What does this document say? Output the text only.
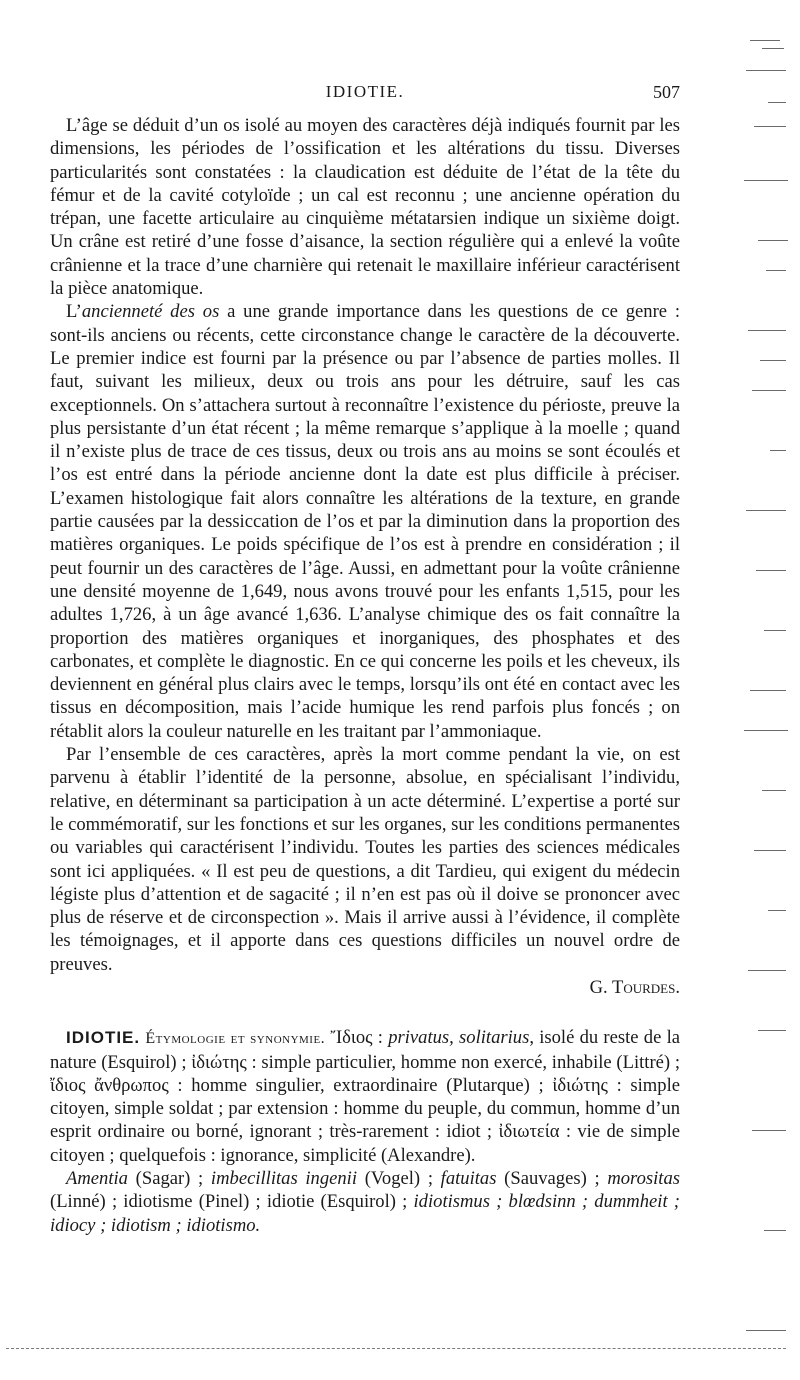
IDIOTIE.	507

L’âge se déduit d’un os isolé au moyen des caractères déjà indiqués fournit par les dimensions, les périodes de l’ossification et les altérations du tissu. Diverses particularités sont constatées : la claudication est déduite de l’état de la tête du fémur et de la cavité cotyloïde ; un cal est reconnu ; une ancienne opération du trépan, une facette articulaire au cinquième métatarsien indique un sixième doigt. Un crâne est retiré d’une fosse d’aisance, la section régulière qui a enlevé la voûte crânienne et la trace d’une charnière qui retenait le maxillaire inférieur caractérisent la pièce anatomique.

L’ancienneté des os a une grande importance dans les questions de ce genre : sont-ils anciens ou récents, cette circonstance change le caractère de la découverte. Le premier indice est fourni par la présence ou par l’absence de parties molles. Il faut, suivant les milieux, deux ou trois ans pour les détruire, sauf les cas exceptionnels. On s’attachera surtout à reconnaître l’existence du périoste, preuve la plus persistante d’un état récent ; la même remarque s’applique à la moelle ; quand il n’existe plus de trace de ces tissus, deux ou trois ans au moins se sont écoulés et l’os est entré dans la période ancienne dont la date est plus difficile à préciser. L’examen histologique fait alors connaître les altérations de la texture, en grande partie causées par la dessiccation de l’os et par la diminution dans la proportion des matières organiques. Le poids spécifique de l’os est à prendre en considération ; il peut fournir un des caractères de l’âge. Aussi, en admettant pour la voûte crânienne une densité moyenne de 1,649, nous avons trouvé pour les enfants 1,515, pour les adultes 1,726, à un âge avancé 1,636. L’analyse chimique des os fait connaître la proportion des matières organiques et inorganiques, des phosphates et des carbonates, et complète le diagnostic. En ce qui concerne les poils et les cheveux, ils deviennent en général plus clairs avec le temps, lorsqu’ils ont été en contact avec les tissus en décomposition, mais l’acide humique les rend parfois plus foncés ; on rétablit alors la couleur naturelle en les traitant par l’ammoniaque.

Par l’ensemble de ces caractères, après la mort comme pendant la vie, on est parvenu à établir l’identité de la personne, absolue, en spécialisant l’individu, relative, en déterminant sa participation à un acte déterminé. L’expertise a porté sur le commémoratif, sur les fonctions et sur les organes, sur les conditions permanentes ou variables qui caractérisent l’individu. Toutes les parties des sciences médicales sont ici appliquées. « Il est peu de questions, a dit Tardieu, qui exigent du médecin légiste plus d’attention et de sagacité ; il n’en est pas où il doive se prononcer avec plus de réserve et de circonspection ». Mais il arrive aussi à l’évidence, il complète les témoignages, et il apporte dans ces questions difficiles un nouvel ordre de preuves.

G. Tourdes.

IDIOTIE. Étymologie et synonymie. Ἴδιος : privatus, solitarius, isolé du reste de la nature (Esquirol) ; ἰδιώτης : simple particulier, homme non exercé, inhabile (Littré) ; ἴδιος ἄνθρωπος : homme singulier, extraordinaire (Plutarque) ; ἰδιώτης : simple citoyen, simple soldat ; par extension : homme du peuple, du commun, homme d’un esprit ordinaire ou borné, ignorant ; très-rarement : idiot ; ἰδιωτεία : vie de simple citoyen ; quelquefois : ignorance, simplicité (Alexandre).

Amentia (Sagar) ; imbecillitas ingenii (Vogel) ; fatuitas (Sauvages) ; morositas (Linné) ; idiotisme (Pinel) ; idiotie (Esquirol) ; idiotismus ; blœdsinn ; dummheit ; idiocy ; idiotism ; idiotismo.
